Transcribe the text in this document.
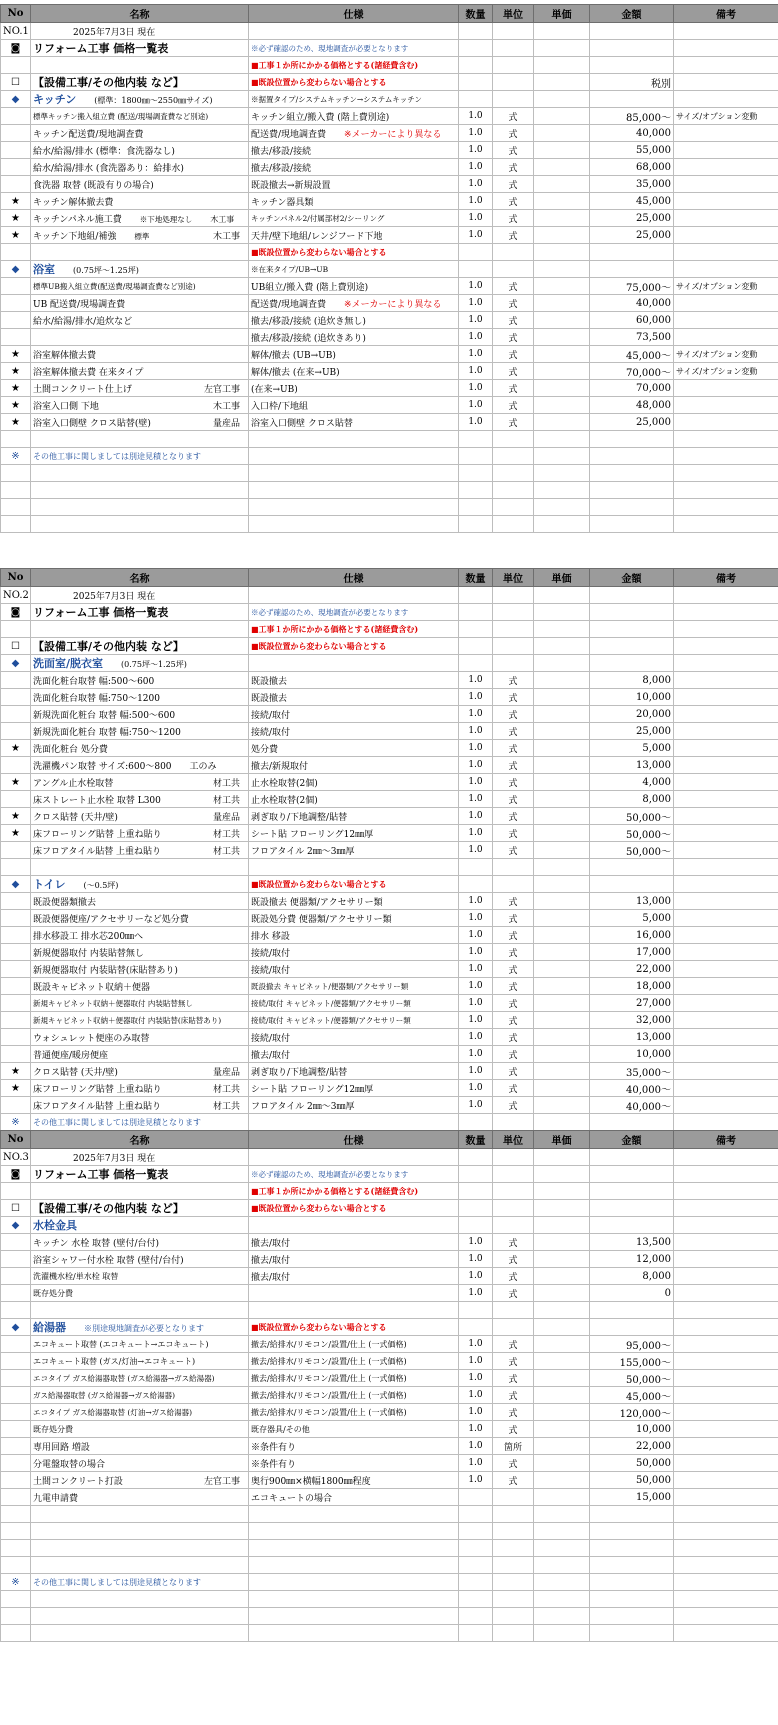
No	名称	仕様	数量	単位	単価	金額	備考
NO.1	2025年7月3日 現在						
◙	リフォーム工事 価格一覧表	※必ず確認のため、現地調査が必要となります					
		■工事１か所にかかる価格とする(諸経費含む)					
☐	【設備工事/その他内装 など】	■既設位置から変わらない場合とする				税別	
◆	キッチン (標準：1800㎜～2550㎜サイズ)	※据置タイプ/システムキッチン→システムキッチン					
	標準キッチン搬入組立費 (配送/現場調査費など別途)	キッチン組立/搬入費 (階上費別途)	1.0	式		85,000～	サイズ/オプション変動
	キッチン配送費/現地調査費	配送費/現地調査費 ※メーカーにより異なる	1.0	式		40,000	
	給水/給湯/排水 (標準：食洗器なし)	撤去/移設/接続	1.0	式		55,000	
	給水/給湯/排水 (食洗器あり：給排水)	撤去/移設/接続	1.0	式		68,000	
	食洗器 取替 (既設有りの場合)	既設撤去→新規設置	1.0	式		35,000	
★	キッチン解体撤去費	キッチン器具類	1.0	式		45,000	
★	キッチンパネル施工費 ※下地処理なし 木工事	キッチンパネル2/付属部材2/シーリング	1.0	式		25,000	
★	キッチン下地組/補強 標準 木工事	天井/壁下地組/レンジフード下地	1.0	式		25,000	
		■既設位置から変わらない場合とする					
◆	浴室 (0.75坪～1.25坪)	※在来タイプ/UB→UB					
	標準UB搬入組立費(配送費/現場調査費など別途)	UB組立/搬入費 (階上費別途)	1.0	式		75,000～	サイズ/オプション変動
	UB 配送費/現場調査費	配送費/現地調査費 ※メーカーにより異なる	1.0	式		40,000	
	給水/給湯/排水/追炊など	撤去/移設/接続 (追炊き無し)	1.0	式		60,000	
		撤去/移設/接続 (追炊きあり)	1.0	式		73,500	
★	浴室解体撤去費	解体/撤去 (UB→UB)	1.0	式		45,000～	サイズ/オプション変動
★	浴室解体撤去費 在来タイプ	解体/撤去 (在来→UB)	1.0	式		70,000～	サイズ/オプション変動
★	土間コンクリート仕上げ 左官工事	(在来→UB)	1.0	式		70,000	
★	浴室入口側 下地 木工事	入口枠/下地組	1.0	式		48,000	
★	浴室入口側壁 クロス貼替(壁) 量産品	浴室入口側壁 クロス貼替	1.0	式		25,000	

※	その他工事に関しましては別途見積となります						

No	名称	仕様	数量	単位	単価	金額	備考
NO.2	2025年7月3日 現在						
◙	リフォーム工事 価格一覧表	※必ず確認のため、現地調査が必要となります					
		■工事１か所にかかる価格とする(諸経費含む)					
☐	【設備工事/その他内装 など】	■既設位置から変わらない場合とする					
◆	洗面室/脱衣室 (0.75坪～1.25坪)						
	洗面化粧台取替 幅:500～600	既設撤去	1.0	式		8,000	
	洗面化粧台取替 幅:750～1200	既設撤去	1.0	式		10,000	
	新規洗面化粧台 取替 幅:500～600	接続/取付	1.0	式		20,000	
	新規洗面化粧台 取替 幅:750～1200	接続/取付	1.0	式		25,000	
★	洗面化粧台 処分費	処分費	1.0	式		5,000	
	洗濯機パン取替 サイズ:600～800 工のみ	撤去/新規取付	1.0	式		13,000	
★	アングル止水栓取替 材工共	止水栓取替(2個)	1.0	式		4,000	
	床ストレート止水栓 取替 L300 材工共	止水栓取替(2個)	1.0	式		8,000	
★	クロス貼替 (天井/壁) 量産品	剥ぎ取り/下地調整/貼替	1.0	式		50,000～	
★	床フローリング貼替 上重ね貼り 材工共	シート貼 フローリング12㎜厚	1.0	式		50,000～	
	床フロアタイル貼替 上重ね貼り 材工共	フロアタイル 2㎜～3㎜厚	1.0	式		50,000～	

◆	トイレ (～0.5坪)	■既設位置から変わらない場合とする					
	既設便器類撤去	既設撤去 便器類/アクセサリー類	1.0	式		13,000	
	既設便器便座/アクセサリーなど処分費	既設処分費 便器類/アクセサリー類	1.0	式		5,000	
	排水移設工 排水芯200㎜へ	排水 移設	1.0	式		16,000	
	新規便器取付 内装貼替無し	接続/取付	1.0	式		17,000	
	新規便器取付 内装貼替(床貼替あり)	接続/取付	1.0	式		22,000	
	既設キャビネット収納＋便器	既設撤去 キャビネット/便器類/アクセサリー類	1.0	式		18,000	
	新規キャビネット収納＋便器取付 内装貼替無し	接続/取付 キャビネット/便器類/アクセサリー類	1.0	式		27,000	
	新規キャビネット収納＋便器取付 内装貼替(床貼替あり)	接続/取付 キャビネット/便器類/アクセサリー類	1.0	式		32,000	
	ウォシュレット便座のみ取替	接続/取付	1.0	式		13,000	
	普通便座/暖房便座	撤去/取付	1.0	式		10,000	
★	クロス貼替 (天井/壁) 量産品	剥ぎ取り/下地調整/貼替	1.0	式		35,000～	
★	床フローリング貼替 上重ね貼り 材工共	シート貼 フローリング12㎜厚	1.0	式		40,000～	
	床フロアタイル貼替 上重ね貼り 材工共	フロアタイル 2㎜～3㎜厚	1.0	式		40,000～	
※	その他工事に関しましては別途見積となります						
No	名称	仕様	数量	単位	単価	金額	備考
NO.3	2025年7月3日 現在						
◙	リフォーム工事 価格一覧表	※必ず確認のため、現地調査が必要となります					
		■工事１か所にかかる価格とする(諸経費含む)					
☐	【設備工事/その他内装 など】	■既設位置から変わらない場合とする					
◆	水栓金具						
	キッチン 水栓 取替 (壁付/台付)	撤去/取付	1.0	式		13,500	
	浴室シャワー付水栓 取替 (壁付/台付)	撤去/取付	1.0	式		12,000	
	洗濯機水栓/単水栓 取替	撤去/取付	1.0	式		8,000	
	既存処分費		1.0	式		0	

◆	給湯器 ※別途現地調査が必要となります	■既設位置から変わらない場合とする					
	エコキュート取替 (エコキュート→エコキュート)	撤去/給排水/リモコン/設置/仕上 (一式価格)	1.0	式		95,000～	
	エコキュート取替 (ガス/灯油→エコキュート)	撤去/給排水/リモコン/設置/仕上 (一式価格)	1.0	式		155,000～	
	エコタイプ ガス給湯器取替 (ガス給湯器→ガス給湯器)	撤去/給排水/リモコン/設置/仕上 (一式価格)	1.0	式		50,000～	
	ガス給湯器取替 (ガス給湯器→ガス給湯器)	撤去/給排水/リモコン/設置/仕上 (一式価格)	1.0	式		45,000～	
	エコタイプ ガス給湯器取替 (灯油→ガス給湯器)	撤去/給排水/リモコン/設置/仕上 (一式価格)	1.0	式		120,000～	
	既存処分費	既存器具/その他	1.0	式		10,000	
	専用回路 増設	※条件有り	1.0	箇所		22,000	
	分電盤取替の場合	※条件有り	1.0	式		50,000	
	土間コンクリート打設 左官工事	奥行900㎜×横幅1800㎜程度	1.0	式		50,000	
	九電申請費	エコキュートの場合				15,000	

※	その他工事に関しましては別途見積となります						
